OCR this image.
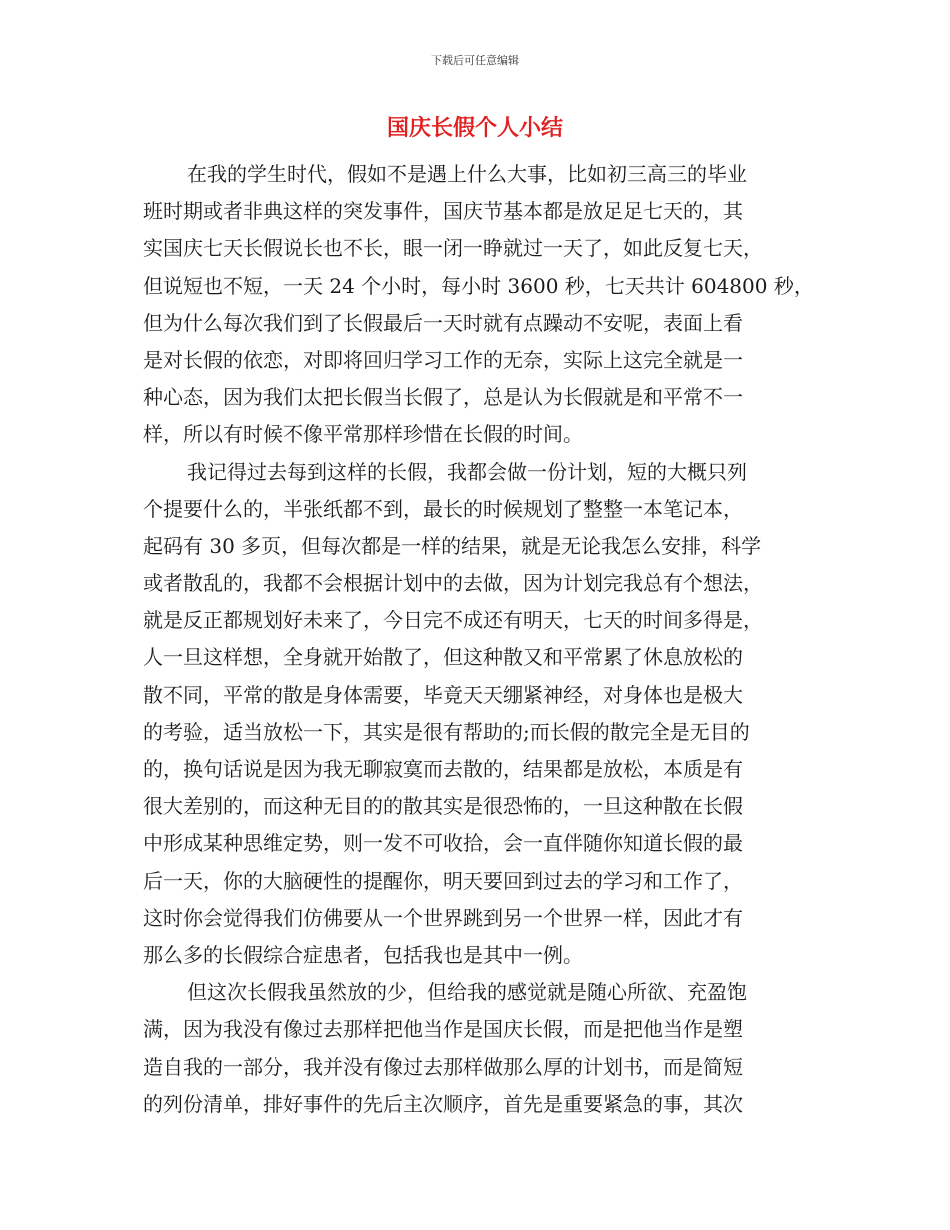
下载后可任意编辑
国庆长假个人小结
在我的学生时代，假如不是遇上什么大事，比如初三高三的毕业
班时期或者非典这样的突发事件，国庆节基本都是放足足七天的，其
实国庆七天长假说长也不长，眼一闭一睁就过一天了，如此反复七天，
但说短也不短，一天 24 个小时，每小时 3600 秒，七天共计 604800 秒，
但为什么每次我们到了长假最后一天时就有点躁动不安呢，表面上看
是对长假的依恋，对即将回归学习工作的无奈，实际上这完全就是一
种心态，因为我们太把长假当长假了，总是认为长假就是和平常不一
样，所以有时候不像平常那样珍惜在长假的时间。
我记得过去每到这样的长假，我都会做一份计划，短的大概只列
个提要什么的，半张纸都不到，最长的时候规划了整整一本笔记本，
起码有 30 多页，但每次都是一样的结果，就是无论我怎么安排，科学
或者散乱的，我都不会根据计划中的去做，因为计划完我总有个想法，
就是反正都规划好未来了，今日完不成还有明天，七天的时间多得是，
人一旦这样想，全身就开始散了，但这种散又和平常累了休息放松的
散不同，平常的散是身体需要，毕竟天天绷紧神经，对身体也是极大
的考验，适当放松一下，其实是很有帮助的;而长假的散完全是无目的
的，换句话说是因为我无聊寂寞而去散的，结果都是放松，本质是有
很大差别的，而这种无目的的散其实是很恐怖的，一旦这种散在长假
中形成某种思维定势，则一发不可收拾，会一直伴随你知道长假的最
后一天，你的大脑硬性的提醒你，明天要回到过去的学习和工作了，
这时你会觉得我们仿佛要从一个世界跳到另一个世界一样，因此才有
那么多的长假综合症患者，包括我也是其中一例。
但这次长假我虽然放的少，但给我的感觉就是随心所欲、充盈饱
满，因为我没有像过去那样把他当作是国庆长假，而是把他当作是塑
造自我的一部分，我并没有像过去那样做那么厚的计划书，而是简短
的列份清单，排好事件的先后主次顺序，首先是重要紧急的事，其次
